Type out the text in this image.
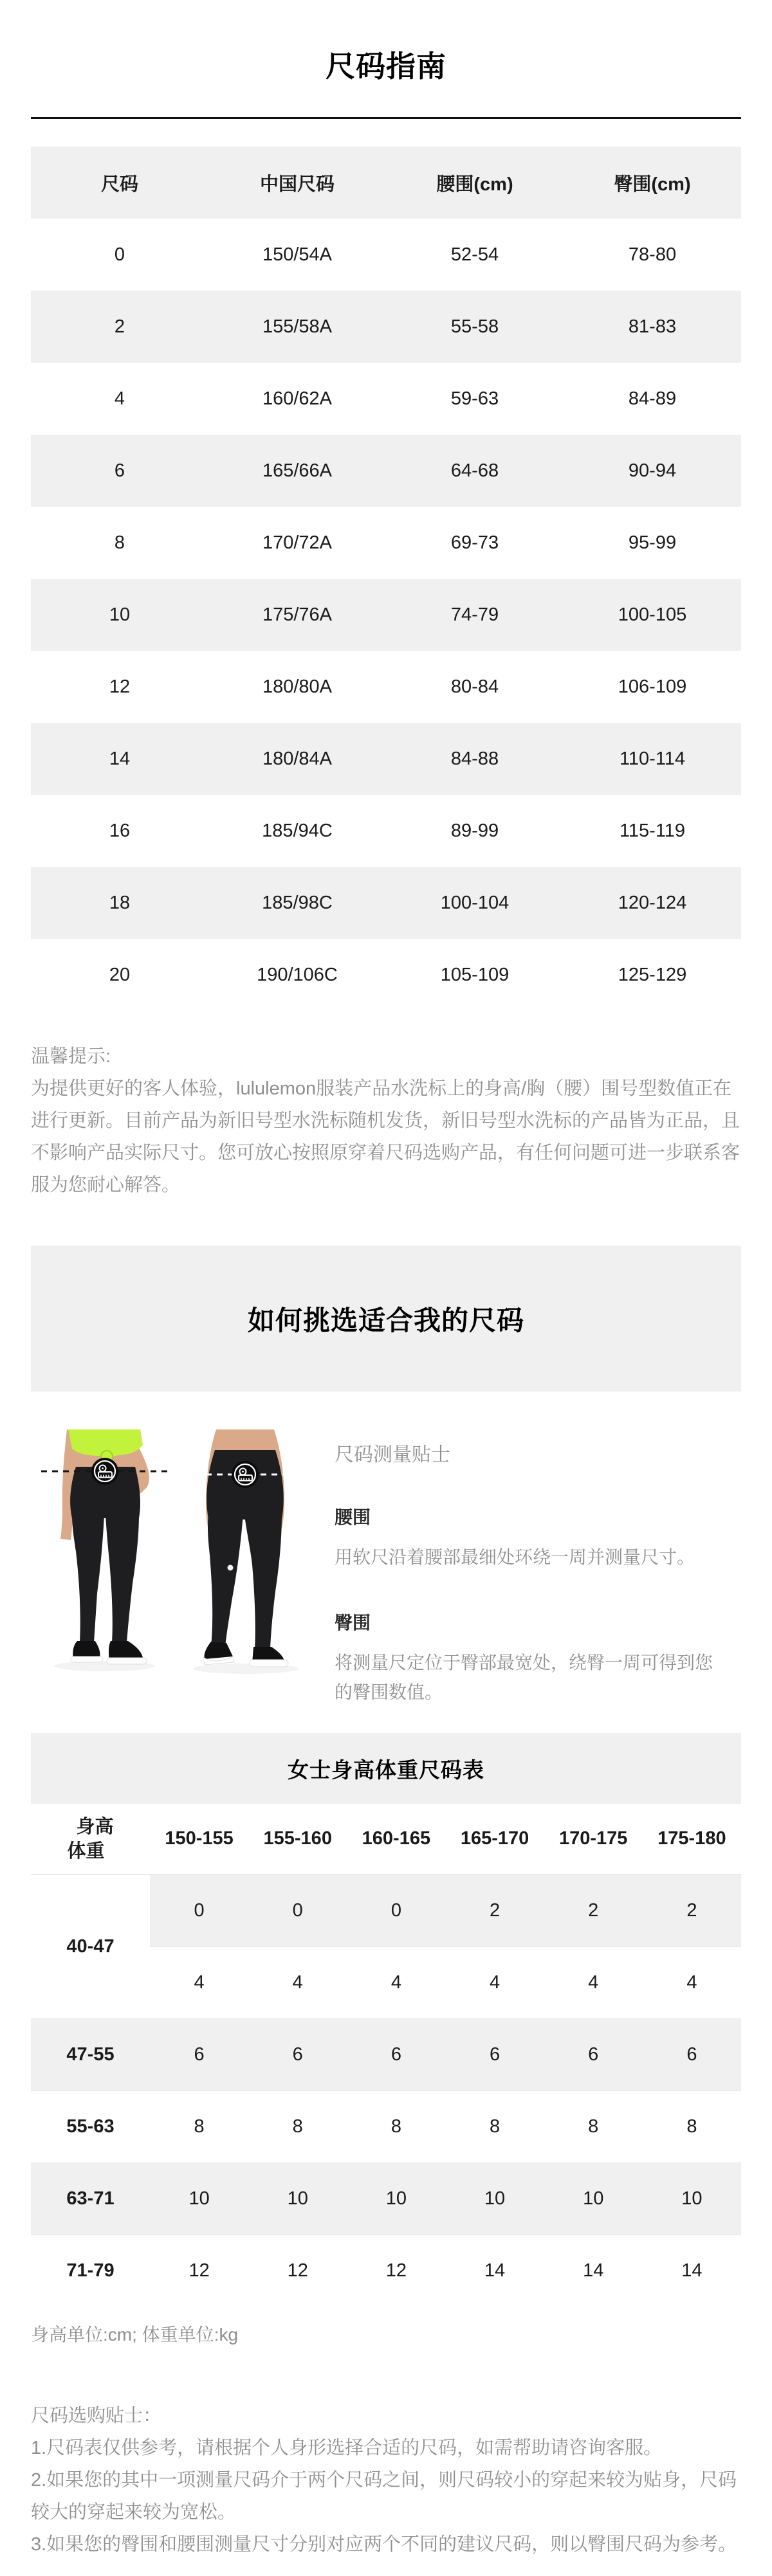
尺码指南
尺码	中国尺码	腰围(cm)	臀围(cm)
0	150/54A	52-54	78-80
2	155/58A	55-58	81-83
4	160/62A	59-63	84-89
6	165/66A	64-68	90-94
8	170/72A	69-73	95-99
10	175/76A	74-79	100-105
12	180/80A	80-84	106-109
14	180/84A	84-88	110-114
16	185/94C	89-99	115-119
18	185/98C	100-104	120-124
20	190/106C	105-109	125-129
温馨提示:
为提供更好的客人体验，lululemon服装产品水洗标上的身高/胸（腰）围号型数值正在进行更新。目前产品为新旧号型水洗标随机发货，新旧号型水洗标的产品皆为正品，且不影响产品实际尺寸。您可放心按照原穿着尺码选购产品，有任何问题可进一步联系客服为您耐心解答。
如何挑选适合我的尺码
尺码测量贴士
腰围
用软尺沿着腰部最细处环绕一周并测量尺寸。
臀围
将测量尺定位于臀部最宽处，绕臀一周可得到您的臀围数值。
女士身高体重尺码表
身高
体重	150-155	155-160	160-165	165-170	170-175	175-180
40-47	0	0	0	2	2	2
	4	4	4	4	4	4
47-55	6	6	6	6	6	6
55-63	8	8	8	8	8	8
63-71	10	10	10	10	10	10
71-79	12	12	12	14	14	14
身高单位:cm; 体重单位:kg
尺码选购贴士：
1.尺码表仅供参考，请根据个人身形选择合适的尺码，如需帮助请咨询客服。
2.如果您的其中一项测量尺码介于两个尺码之间，则尺码较小的穿起来较为贴身，尺码较大的穿起来较为宽松。
3.如果您的臀围和腰围测量尺寸分别对应两个不同的建议尺码，则以臀围尺码为参考。
